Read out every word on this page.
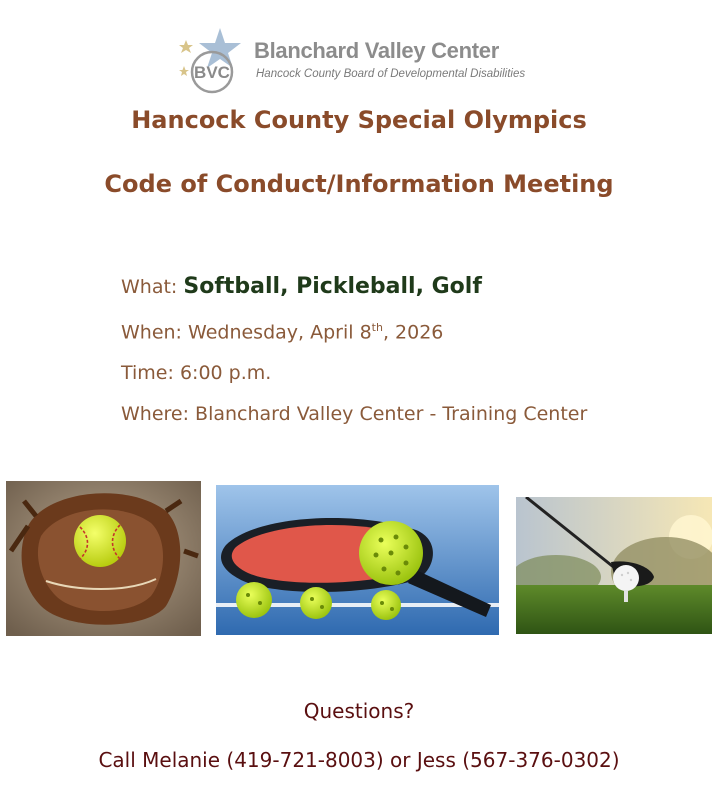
BVC
Blanchard Valley Center
Hancock County Board of Developmental Disabilities
Hancock County Special Olympics
Code of Conduct/Information Meeting
What: Softball, Pickleball, Golf
When: Wednesday, April 8th, 2026
Time: 6:00 p.m.
Where: Blanchard Valley Center - Training Center
Questions?
Call Melanie (419-721-8003) or Jess (567-376-0302)
